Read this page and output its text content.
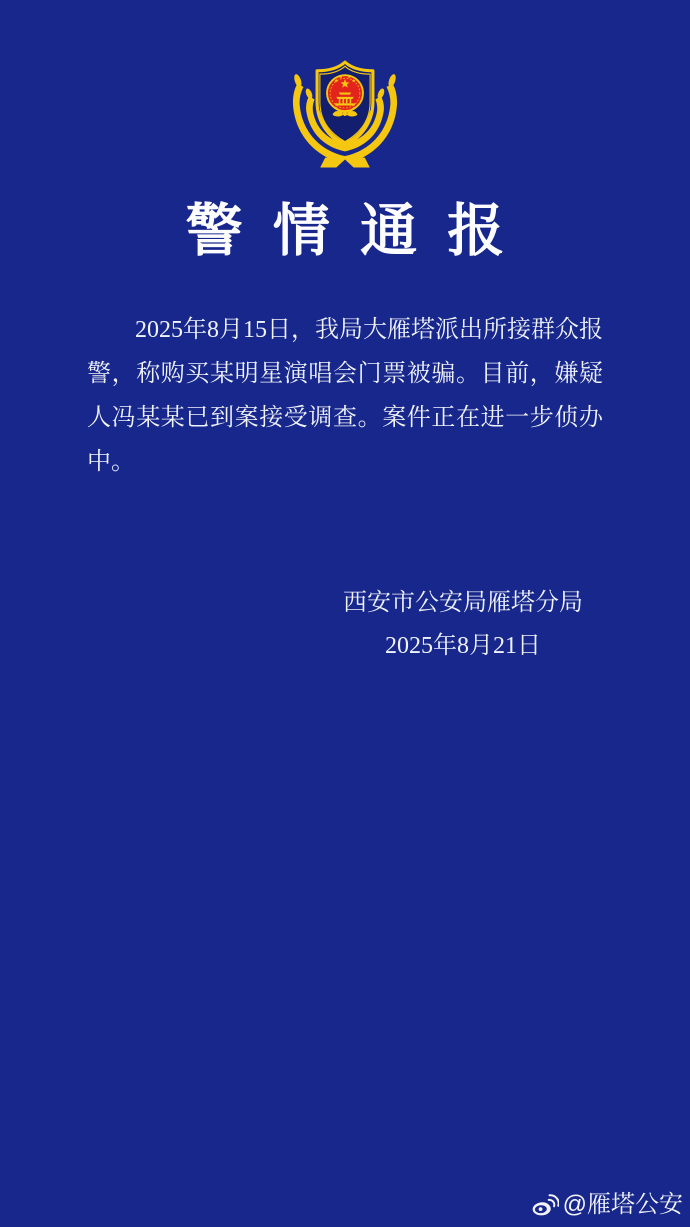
警情通报

2025年8月15日，我局大雁塔派出所接群众报警，称购买某明星演唱会门票被骗。目前，嫌疑人冯某某已到案接受调查。案件正在进一步侦办中。

西安市公安局雁塔分局
2025年8月21日
@雁塔公安
